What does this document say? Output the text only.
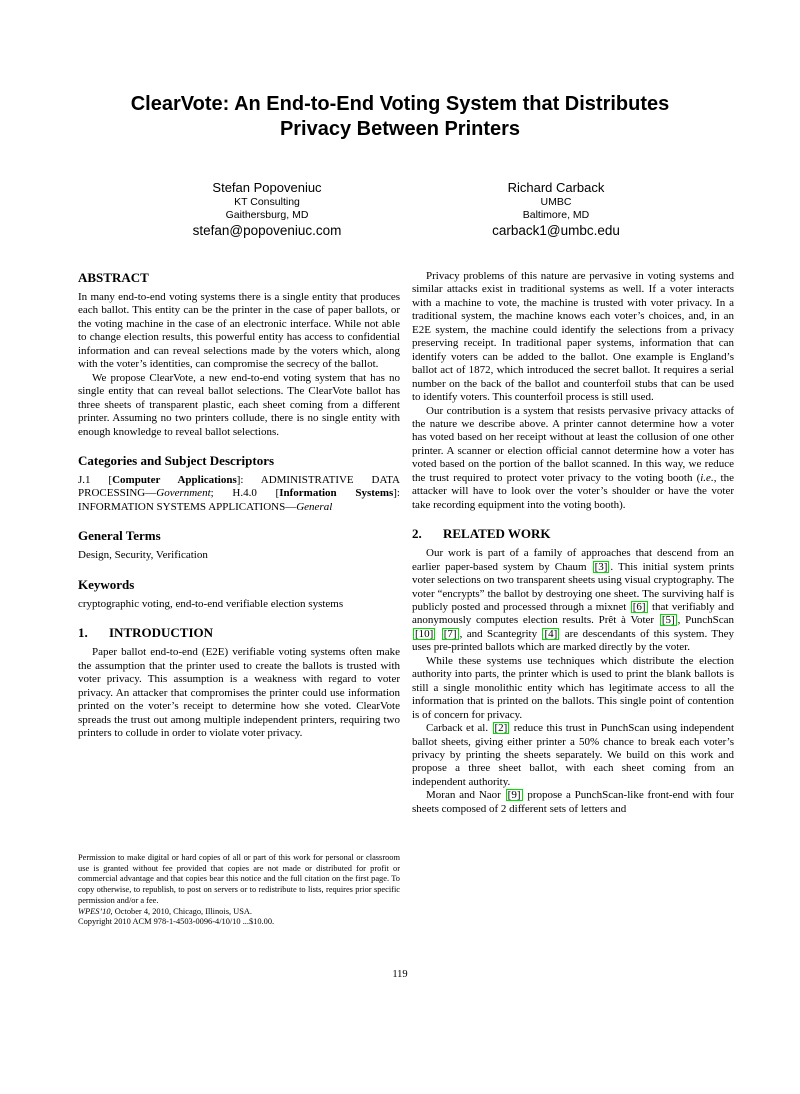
ClearVote: An End-to-End Voting System that Distributes
Privacy Between Printers
Stefan Popoveniuc
KT Consulting
Gaithersburg, MD
stefan@popoveniuc.com
Richard Carback
UMBC
Baltimore, MD
carback1@umbc.edu
ABSTRACT

In many end-to-end voting systems there is a single entity that produces each ballot. This entity can be the printer in the case of paper ballots, or the voting machine in the case of an electronic interface. While not able to change election results, this powerful entity has access to confidential information and can reveal selections made by the voters which, along with the voter’s identities, can compromise the secrecy of the ballot.

We propose ClearVote, a new end-to-end voting system that has no single entity that can reveal ballot selections. The ClearVote ballot has three sheets of transparent plastic, each sheet coming from a different printer. Assuming no two printers collude, there is no single entity with enough knowledge to reveal ballot selections.

Categories and Subject Descriptors

J.1 [Computer Applications]: ADMINISTRATIVE DATA PROCESSING—Government; H.4.0 [Information Systems]: INFORMATION SYSTEMS APPLICATIONS—General

General Terms

Design, Security, Verification

Keywords

cryptographic voting, end-to-end verifiable election systems

1. INTRODUCTION

Paper ballot end-to-end (E2E) verifiable voting systems often make the assumption that the printer used to create the ballots is trusted with voter privacy. This assumption is a weakness with regard to voter privacy. An attacker that compromises the printer could use information printed on the voter’s receipt to determine how she voted. ClearVote spreads the trust out among multiple independent printers, requiring two printers to collude in order to violate voter privacy.

Privacy problems of this nature are pervasive in voting systems and similar attacks exist in traditional systems as well. If a voter interacts with a machine to vote, the machine is trusted with voter privacy. In a traditional system, the machine knows each voter’s choices, and, in an E2E system, the machine could identify the selections from a privacy preserving receipt. In traditional paper systems, information that can identify voters can be added to the ballot. One example is England’s ballot act of 1872, which introduced the secret ballot. It requires a serial number on the back of the ballot and counterfoil stubs that can be used to identify voters. This counterfoil process is still used.

Our contribution is a system that resists pervasive privacy attacks of the nature we describe above. A printer cannot determine how a voter has voted based on her receipt without at least the collusion of one other printer. A scanner or election official cannot determine how a voter has voted based on the portion of the ballot scanned. In this way, we reduce the trust required to protect voter privacy to the voting booth (i.e., the attacker will have to look over the voter’s shoulder or have the voter take recording equipment into the voting booth).

2. RELATED WORK

Our work is part of a family of approaches that descend from an earlier paper-based system by Chaum [3] . This initial system prints voter selections on two transparent sheets using visual cryptography. The voter “encrypts” the ballot by destroying one sheet. The surviving half is publicly posted and processed through a mixnet [6] that verifiably and anonymously computes election results. Prêt à Voter [5] , PunchScan [10] [7] , and Scantegrity [4] are descendants of this system. They uses pre-printed ballots which are marked directly by the voter.

While these systems use techniques which distribute the election authority into parts, the printer which is used to print the blank ballots is still a single monolithic entity which has legitimate access to all the information that is printed on the ballots. This single point of contention is of concern for privacy.

Carback et al. [2] reduce this trust in PunchScan using independent ballot sheets, giving either printer a 50% chance to break each voter’s privacy by printing the sheets separately. We build on this work and propose a three sheet ballot, with each sheet coming from an independent authority.

Moran and Naor [9] propose a PunchScan-like front-end with four sheets composed of 2 different sets of letters and

Permission to make digital or hard copies of all or part of this work for personal or classroom use is granted without fee provided that copies are not made or distributed for profit or commercial advantage and that copies bear this notice and the full citation on the first page. To copy otherwise, to republish, to post on servers or to redistribute to lists, requires prior specific permission and/or a fee.
WPES’10, October 4, 2010, Chicago, Illinois, USA.
Copyright 2010 ACM 978-1-4503-0096-4/10/10 ...$10.00.
119
